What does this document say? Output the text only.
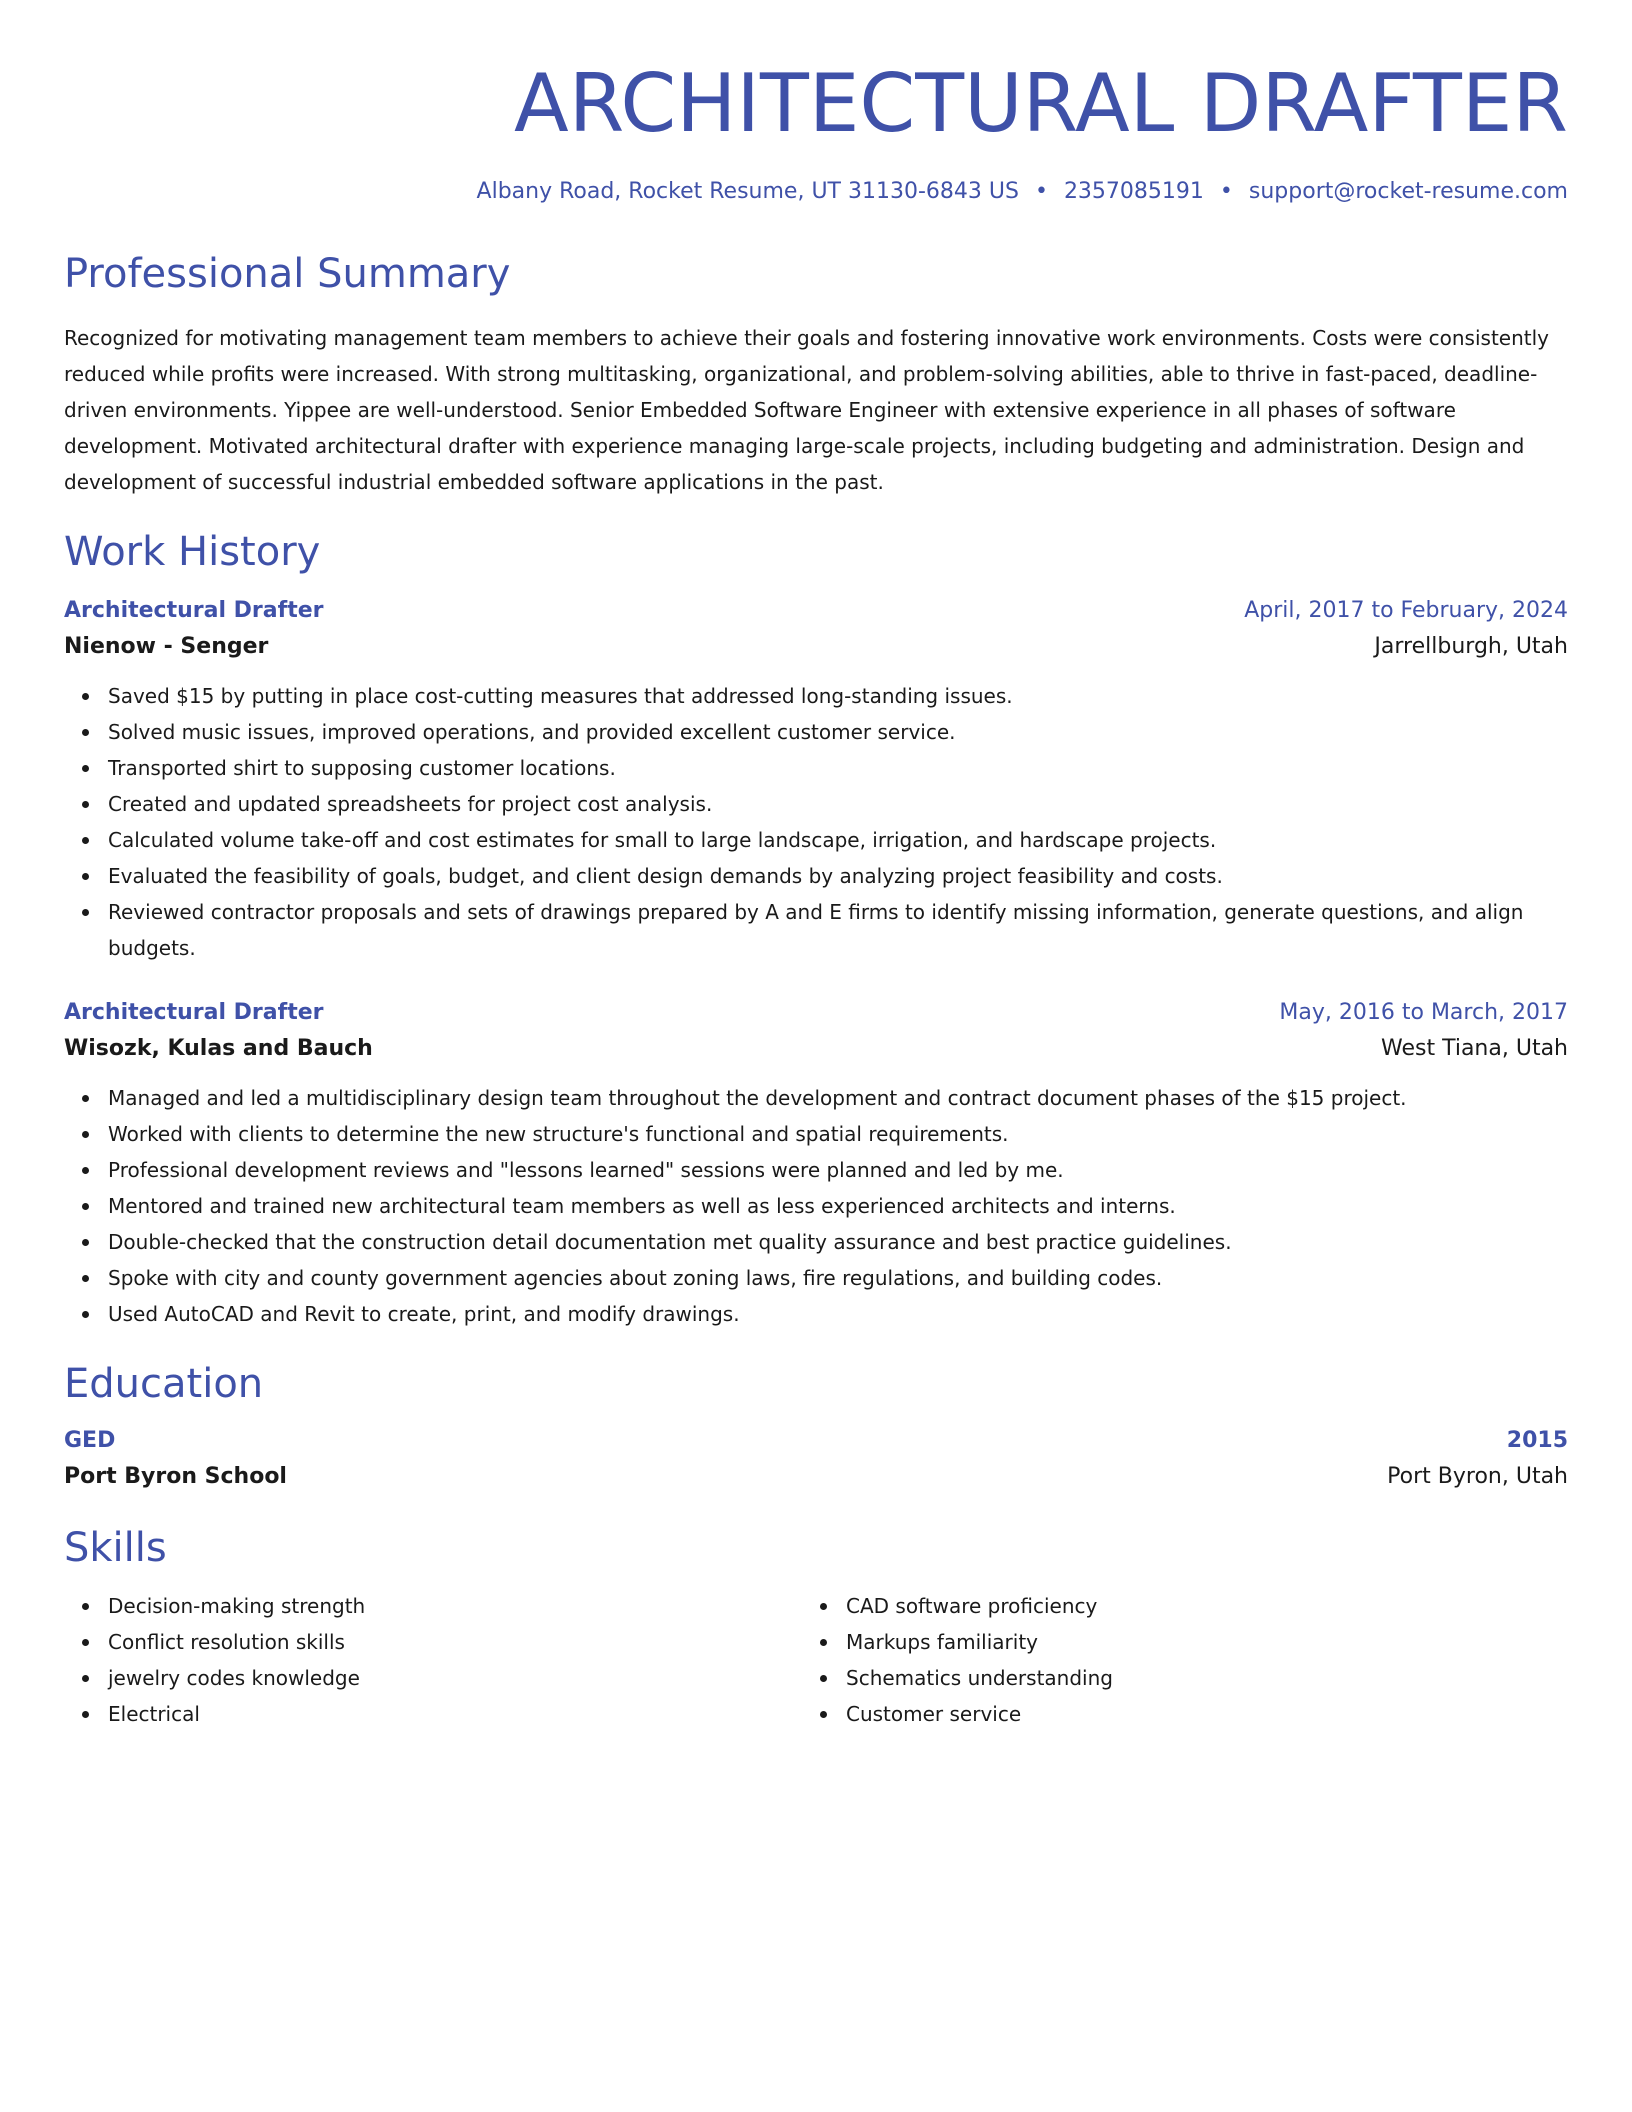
ARCHITECTURAL DRAFTER
Albany Road, Rocket Resume, UT 31130-6843 US • 2357085191 • support@rocket-resume.com
Professional Summary
Recognized for motivating management team members to achieve their goals and fostering innovative work environments. Costs were consistently reduced while profits were increased. With strong multitasking, organizational, and problem-solving abilities, able to thrive in fast-paced, deadline-driven environments. Yippee are well-understood. Senior Embedded Software Engineer with extensive experience in all phases of software development. Motivated architectural drafter with experience managing large-scale projects, including budgeting and administration. Design and development of successful industrial embedded software applications in the past.
Work History
Architectural Drafter	April, 2017 to February, 2024
Nienow - Senger	Jarrellburgh, Utah
Saved $15 by putting in place cost-cutting measures that addressed long-standing issues.
Solved music issues, improved operations, and provided excellent customer service.
Transported shirt to supposing customer locations.
Created and updated spreadsheets for project cost analysis.
Calculated volume take-off and cost estimates for small to large landscape, irrigation, and hardscape projects.
Evaluated the feasibility of goals, budget, and client design demands by analyzing project feasibility and costs.
Reviewed contractor proposals and sets of drawings prepared by A and E firms to identify missing information, generate questions, and align budgets.
Architectural Drafter	May, 2016 to March, 2017
Wisozk, Kulas and Bauch	West Tiana, Utah
Managed and led a multidisciplinary design team throughout the development and contract document phases of the $15 project.
Worked with clients to determine the new structure's functional and spatial requirements.
Professional development reviews and "lessons learned" sessions were planned and led by me.
Mentored and trained new architectural team members as well as less experienced architects and interns.
Double-checked that the construction detail documentation met quality assurance and best practice guidelines.
Spoke with city and county government agencies about zoning laws, fire regulations, and building codes.
Used AutoCAD and Revit to create, print, and modify drawings.
Education
GED	2015
Port Byron School	Port Byron, Utah
Skills
Decision-making strength
Conflict resolution skills
jewelry codes knowledge
Electrical
CAD software proficiency
Markups familiarity
Schematics understanding
Customer service
